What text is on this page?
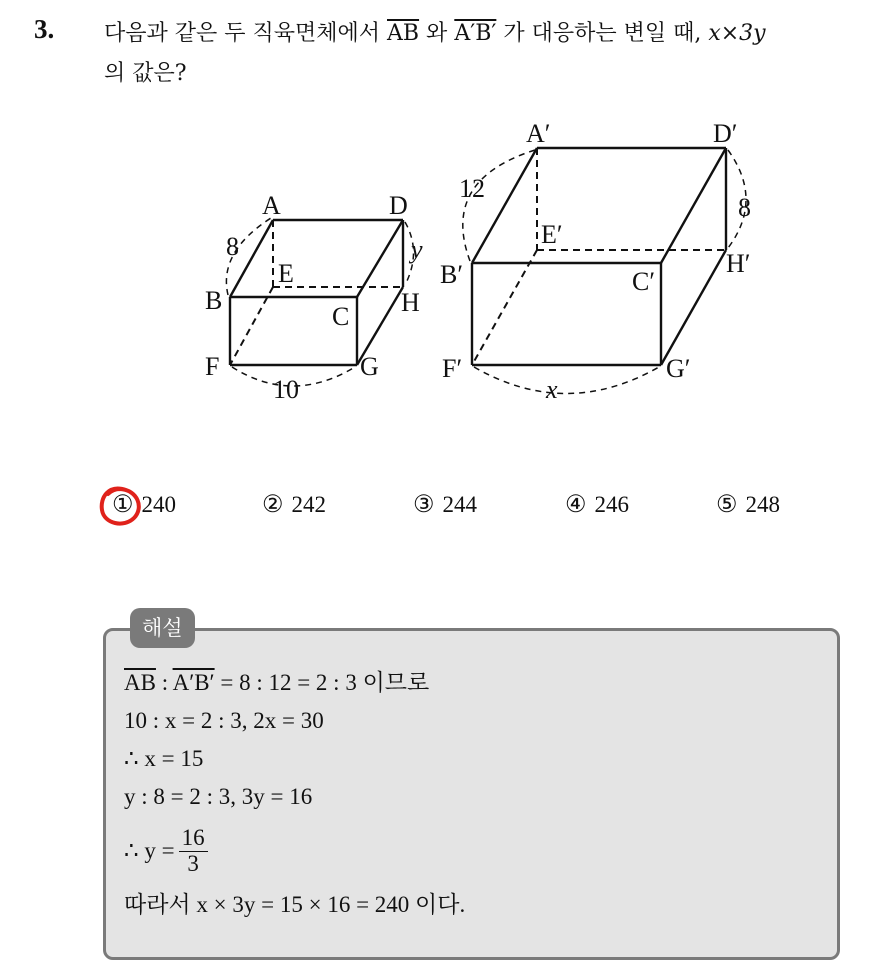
3. 다음과 같은 두 직육면체에서 $\overline{AB}$ 와 A′B′ 가 대응하는 변일 때, x×3y
의 값은?
A	D
E
B
C H
F	G
8	y
10
A′	D′
E′
B′	C′
H′
F′	G′
12
8
x
① 240	② 242	③ 244	④ 246	⑤ 248
해설
$\overline{AB}$ : A′B′ = 8 : 12 = 2 : 3 이므로
10 : x = 2 : 3, 2x = 30
∴ x = 15
y : 8 = 2 : 3, 3y = 16
∴ $y = \frac{16}{3}$
따라서 x × 3y = 15 × 16 = 240 이다.
